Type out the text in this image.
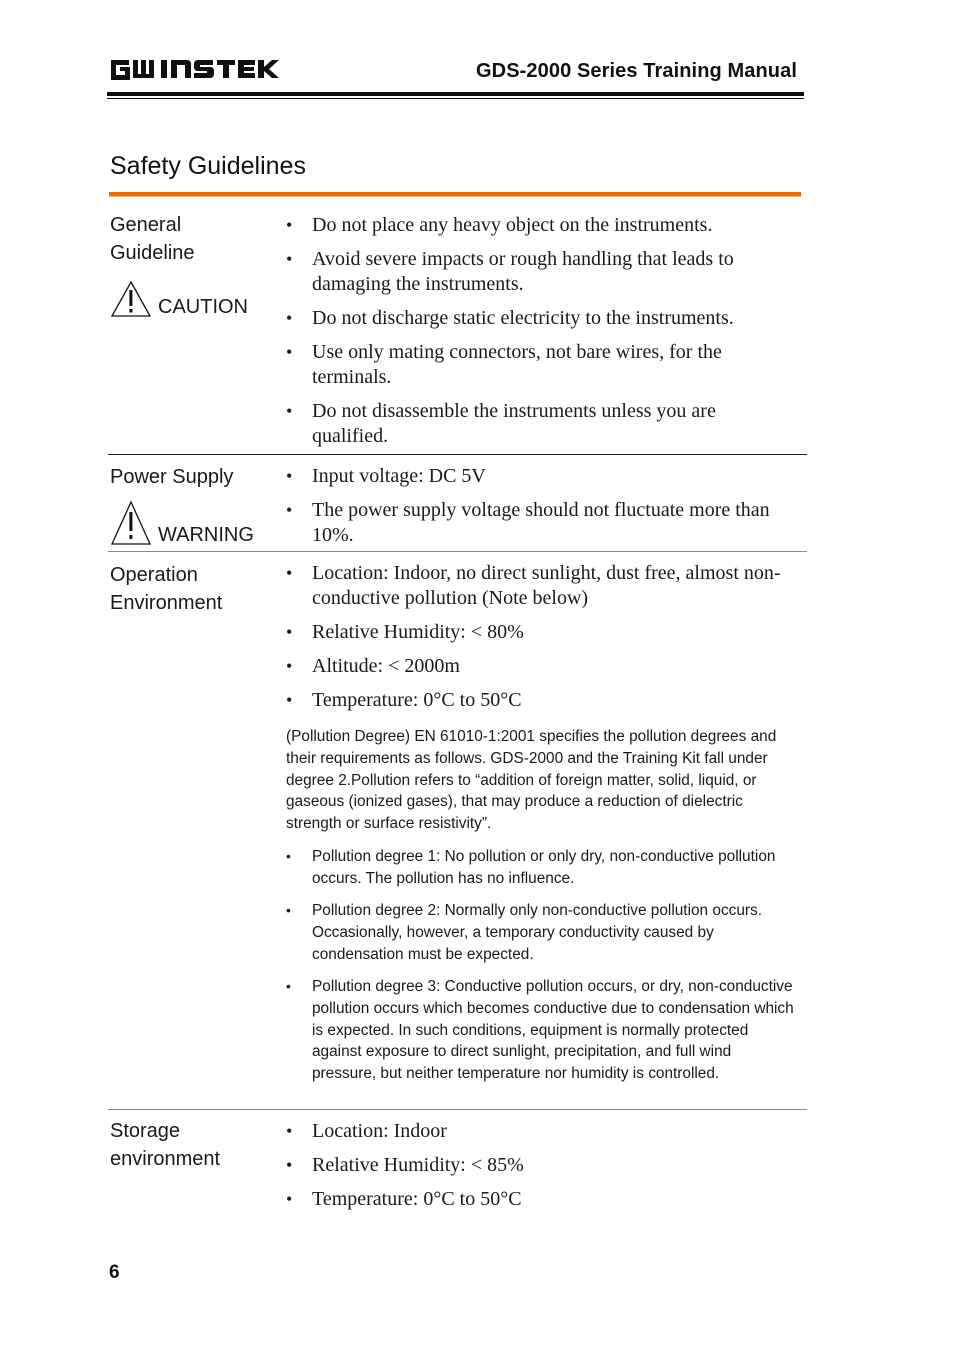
GDS-2000 Series Training Manual
Safety Guidelines
General Guideline
CAUTION
• Do not place any heavy object on the instruments.
• Avoid severe impacts or rough handling that leads to damaging the instruments.
• Do not discharge static electricity to the instruments.
• Use only mating connectors, not bare wires, for the terminals.
• Do not disassemble the instruments unless you are qualified.
Power Supply
WARNING
• Input voltage: DC 5V
• The power supply voltage should not fluctuate more than 10%.
Operation Environment
• Location: Indoor, no direct sunlight, dust free, almost non-conductive pollution (Note below)
• Relative Humidity: < 80%
• Altitude: < 2000m
• Temperature: 0°C to 50°C

(Pollution Degree) EN 61010-1:2001 specifies the pollution degrees and their requirements as follows. GDS-2000 and the Training Kit fall under degree 2.Pollution refers to “addition of foreign matter, solid, liquid, or gaseous (ionized gases), that may produce a reduction of dielectric strength or surface resistivity”.

• Pollution degree 1: No pollution or only dry, non-conductive pollution occurs. The pollution has no influence.
• Pollution degree 2: Normally only non-conductive pollution occurs. Occasionally, however, a temporary conductivity caused by condensation must be expected.
• Pollution degree 3: Conductive pollution occurs, or dry, non-conductive pollution occurs which becomes conductive due to condensation which is expected. In such conditions, equipment is normally protected against exposure to direct sunlight, precipitation, and full wind pressure, but neither temperature nor humidity is controlled.
Storage environment
• Location: Indoor
• Relative Humidity: < 85%
• Temperature: 0°C to 50°C
6
